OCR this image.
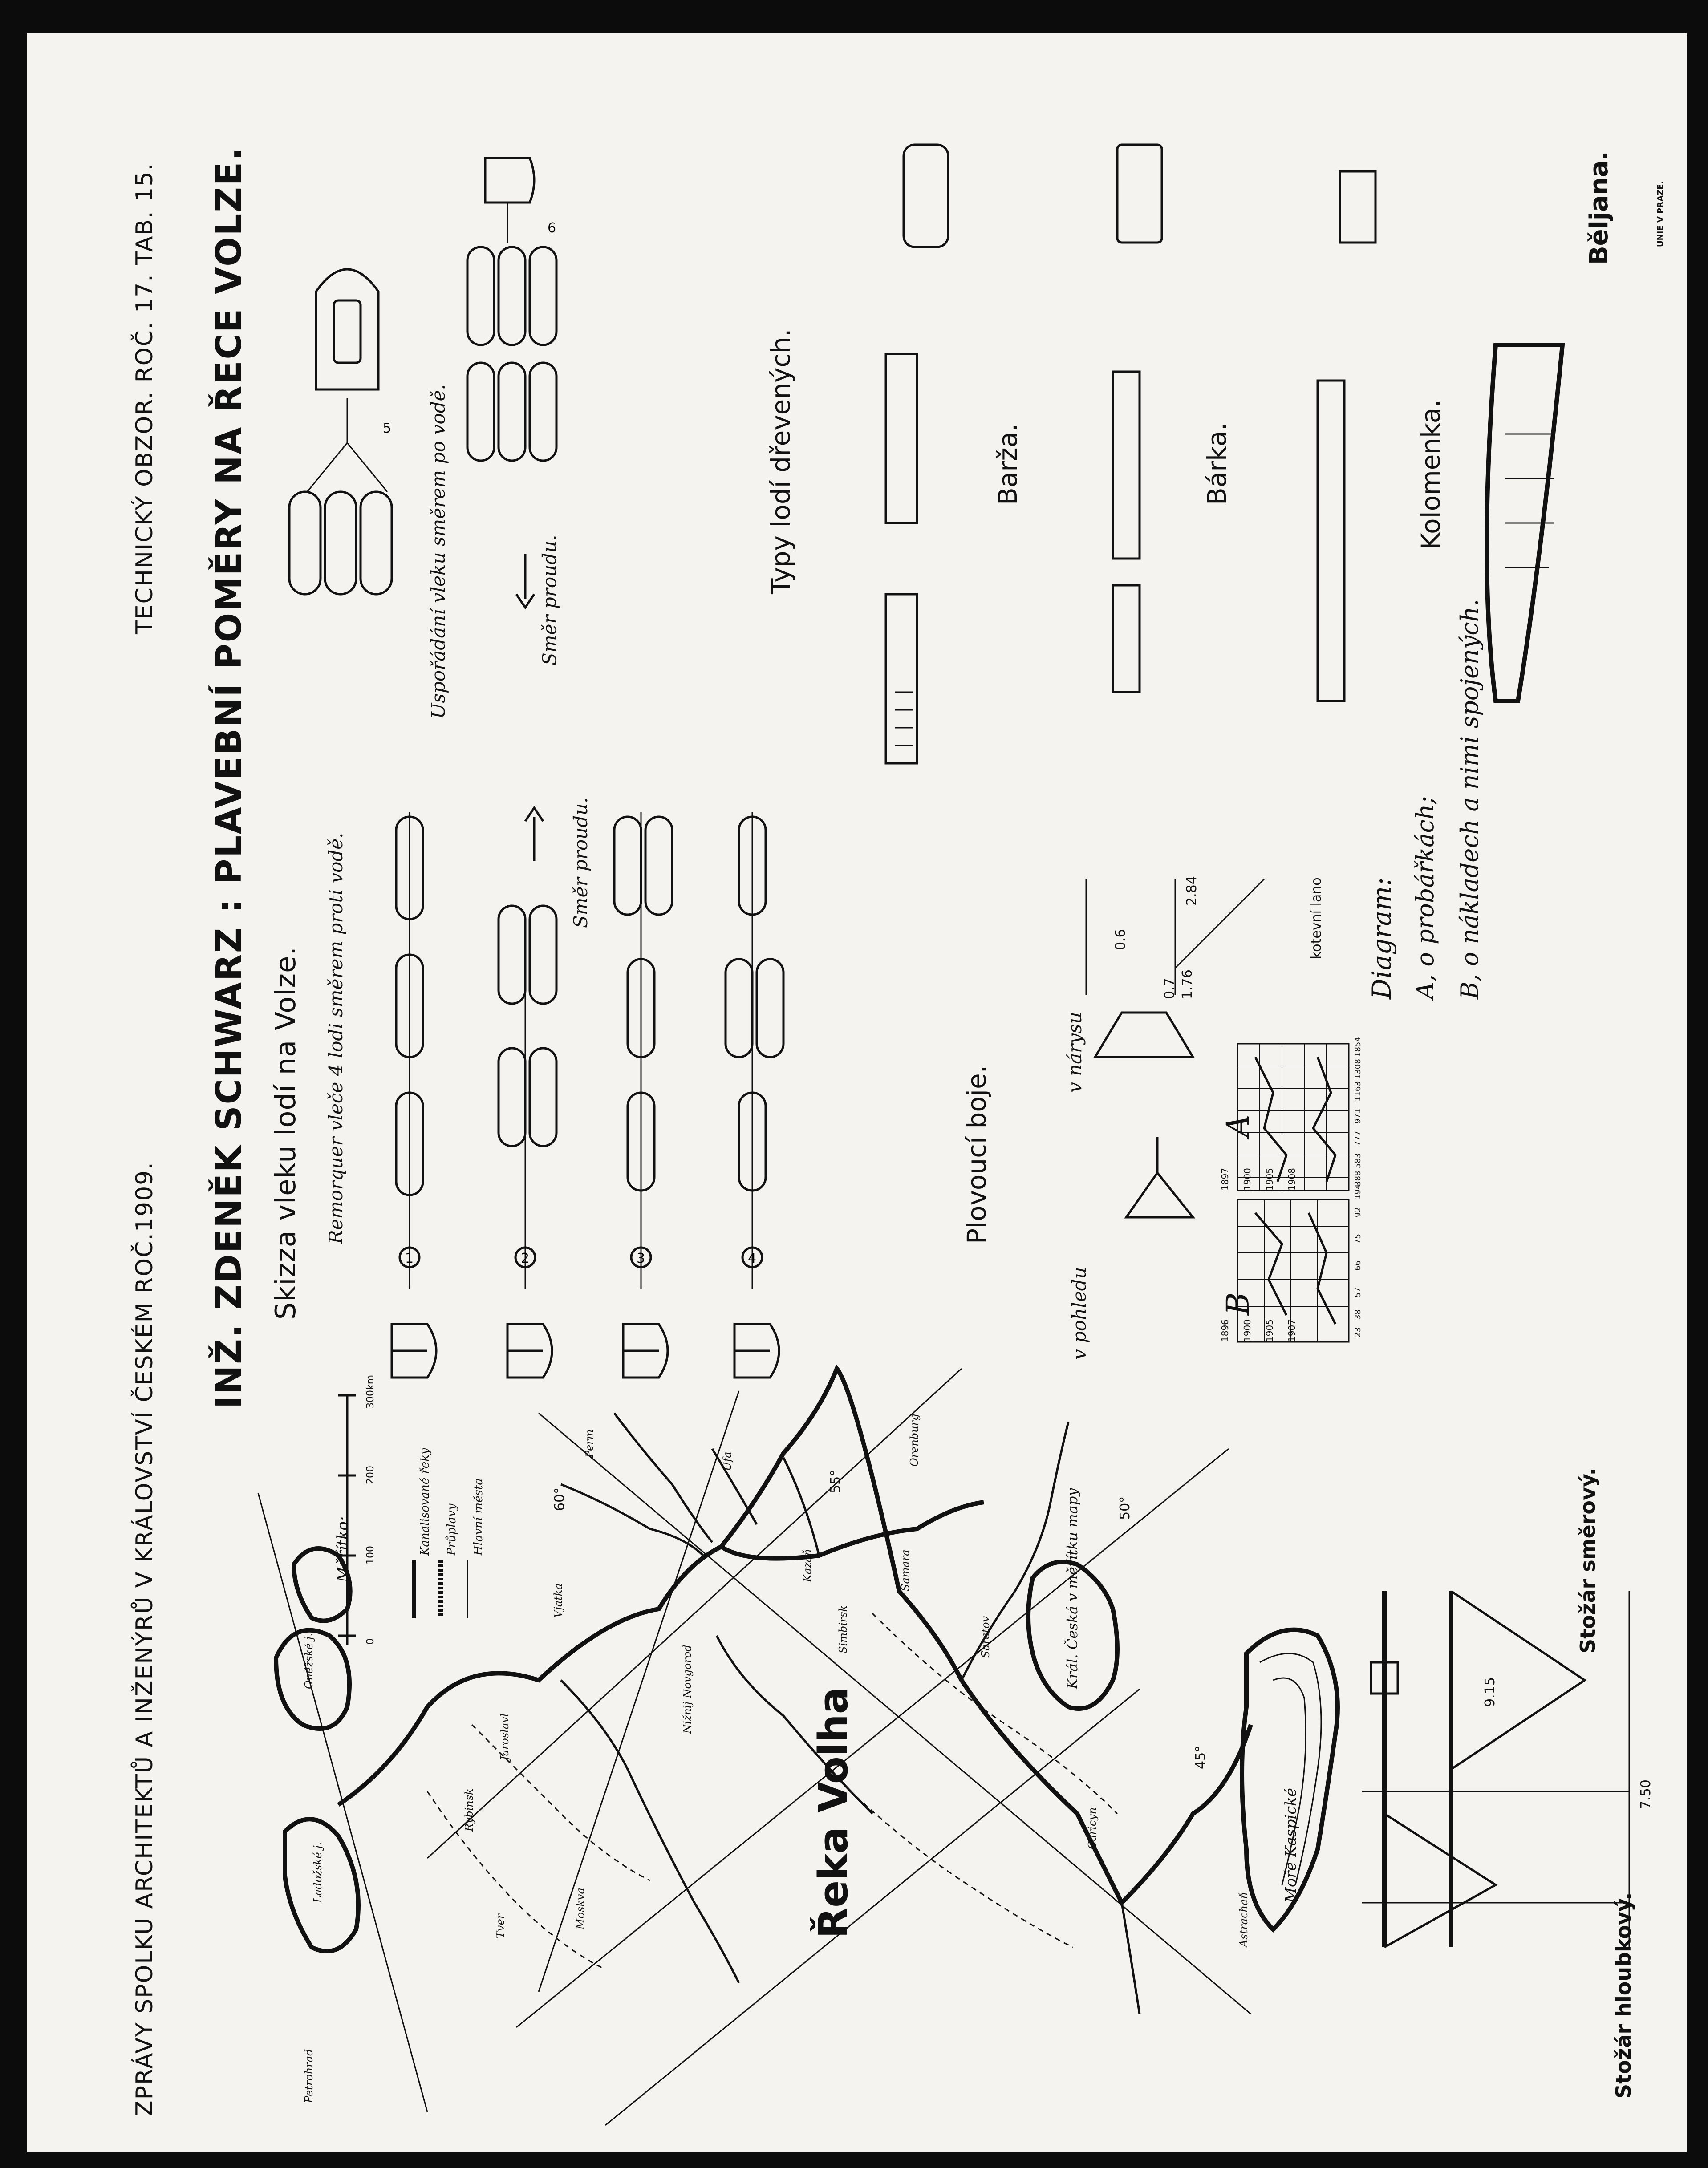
ZPRÁVY SPOLKU ARCHITEKTŮ A INŽENÝRŮ V KRÁLOVSTVÍ ČESKÉM ROČ.1909.
TECHNICKÝ OBZOR. ROČ. 17. TAB. 15. INŽ. ZDENĚK SCHWARZ : PLAVEBNÍ POMĚRY NA ŘECE VOLZE. Skizza vleku lodí na Volze. Remorquer vleče 4 lodi směrem proti vodě.	Směr proudu.
Uspořádání vleku směrem po vodě.	Směr proudu.
Typy lodí dřevených.	Barža.	Bárka.	Kolomenka.
Běljana.
Plovoucí boje.
v pohledu
v nárysu
2.84
0.6
0.7 1.76
kotevní lano Diagram: A, o probářkách; B, o nákladech a nimi spojených.
A
B
1897 1900 1905 1908
1896 1900 1905 1907
1854
1308
1163
971
777
583
388
194
92
75
66
57
38
23
Řeka Volha
Měřítko:
0
100
200
300km
Kanalisované řeky Průplavy Hlavní města	Král. Česká v měřítku mapy
Moře Kaspické
60°
55°
50°
45°
Petrohrad
Ladožské j.
Oněžské j.
Kazaň	Samara
Saratov
Caricyn
Astrachaň
Nižnij Novgorod
Jaroslavl
Rybinsk
Tver	Moskva
Perm
Ufa	Orenburg
Simbirsk
Vjatka
Stožár hloubkový.
Stožár směrový.
7.50
9.15
1	2	3	4
5
6	UNIE V PRAZE.
